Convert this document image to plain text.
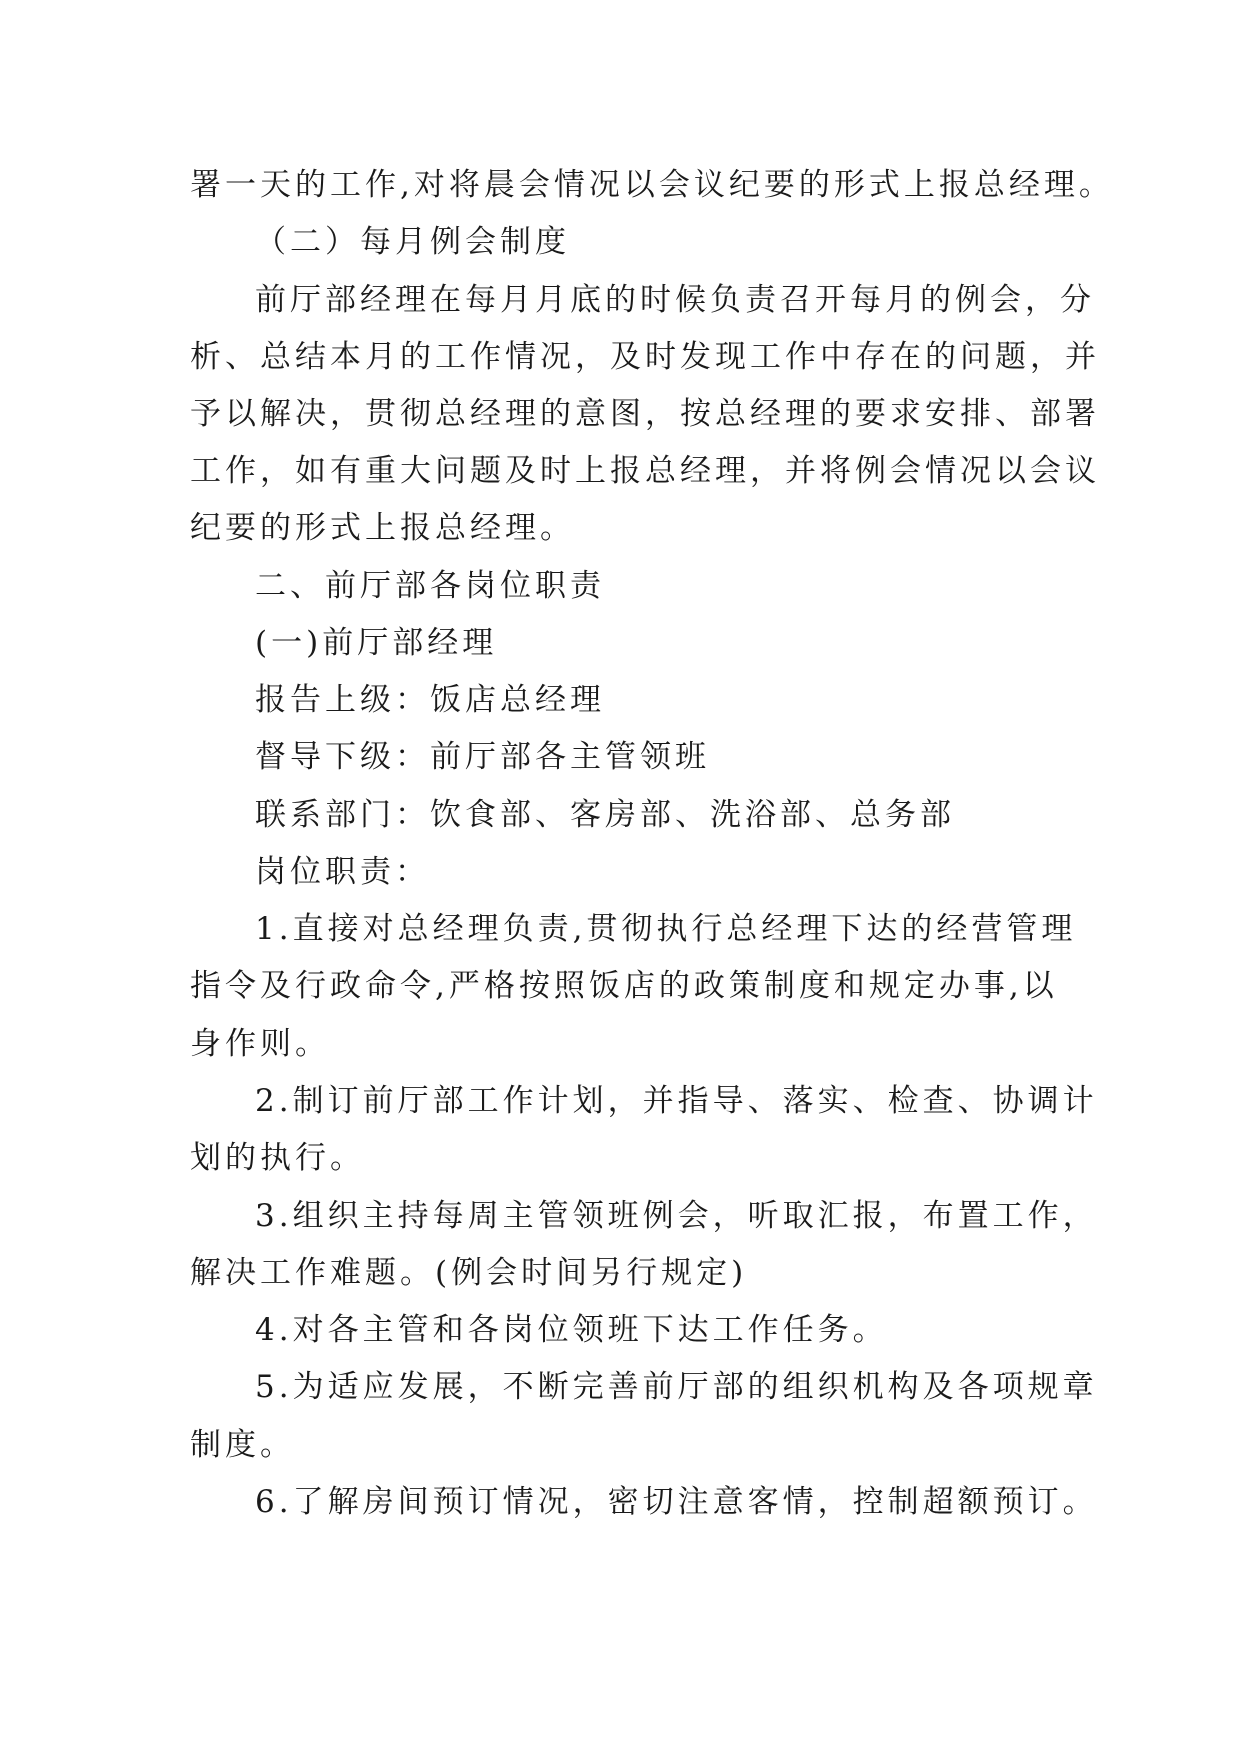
署一天的工作,对将晨会情况以会议纪要的形式上报总经理。
（二）每月例会制度
前厅部经理在每月月底的时候负责召开每月的例会，分
析、总结本月的工作情况，及时发现工作中存在的问题，并
予以解决，贯彻总经理的意图，按总经理的要求安排、部署
工作，如有重大问题及时上报总经理，并将例会情况以会议
纪要的形式上报总经理。
二、前厅部各岗位职责
(一)前厅部经理
报告上级：饭店总经理
督导下级：前厅部各主管领班
联系部门：饮食部、客房部、洗浴部、总务部
岗位职责：
1.直接对总经理负责,贯彻执行总经理下达的经营管理
指令及行政命令,严格按照饭店的政策制度和规定办事,以
身作则。
2.制订前厅部工作计划，并指导、落实、检查、协调计
划的执行。
3.组织主持每周主管领班例会，听取汇报，布置工作，
解决工作难题。(例会时间另行规定)
4.对各主管和各岗位领班下达工作任务。
5.为适应发展，不断完善前厅部的组织机构及各项规章
制度。
6.了解房间预订情况，密切注意客情，控制超额预订。
